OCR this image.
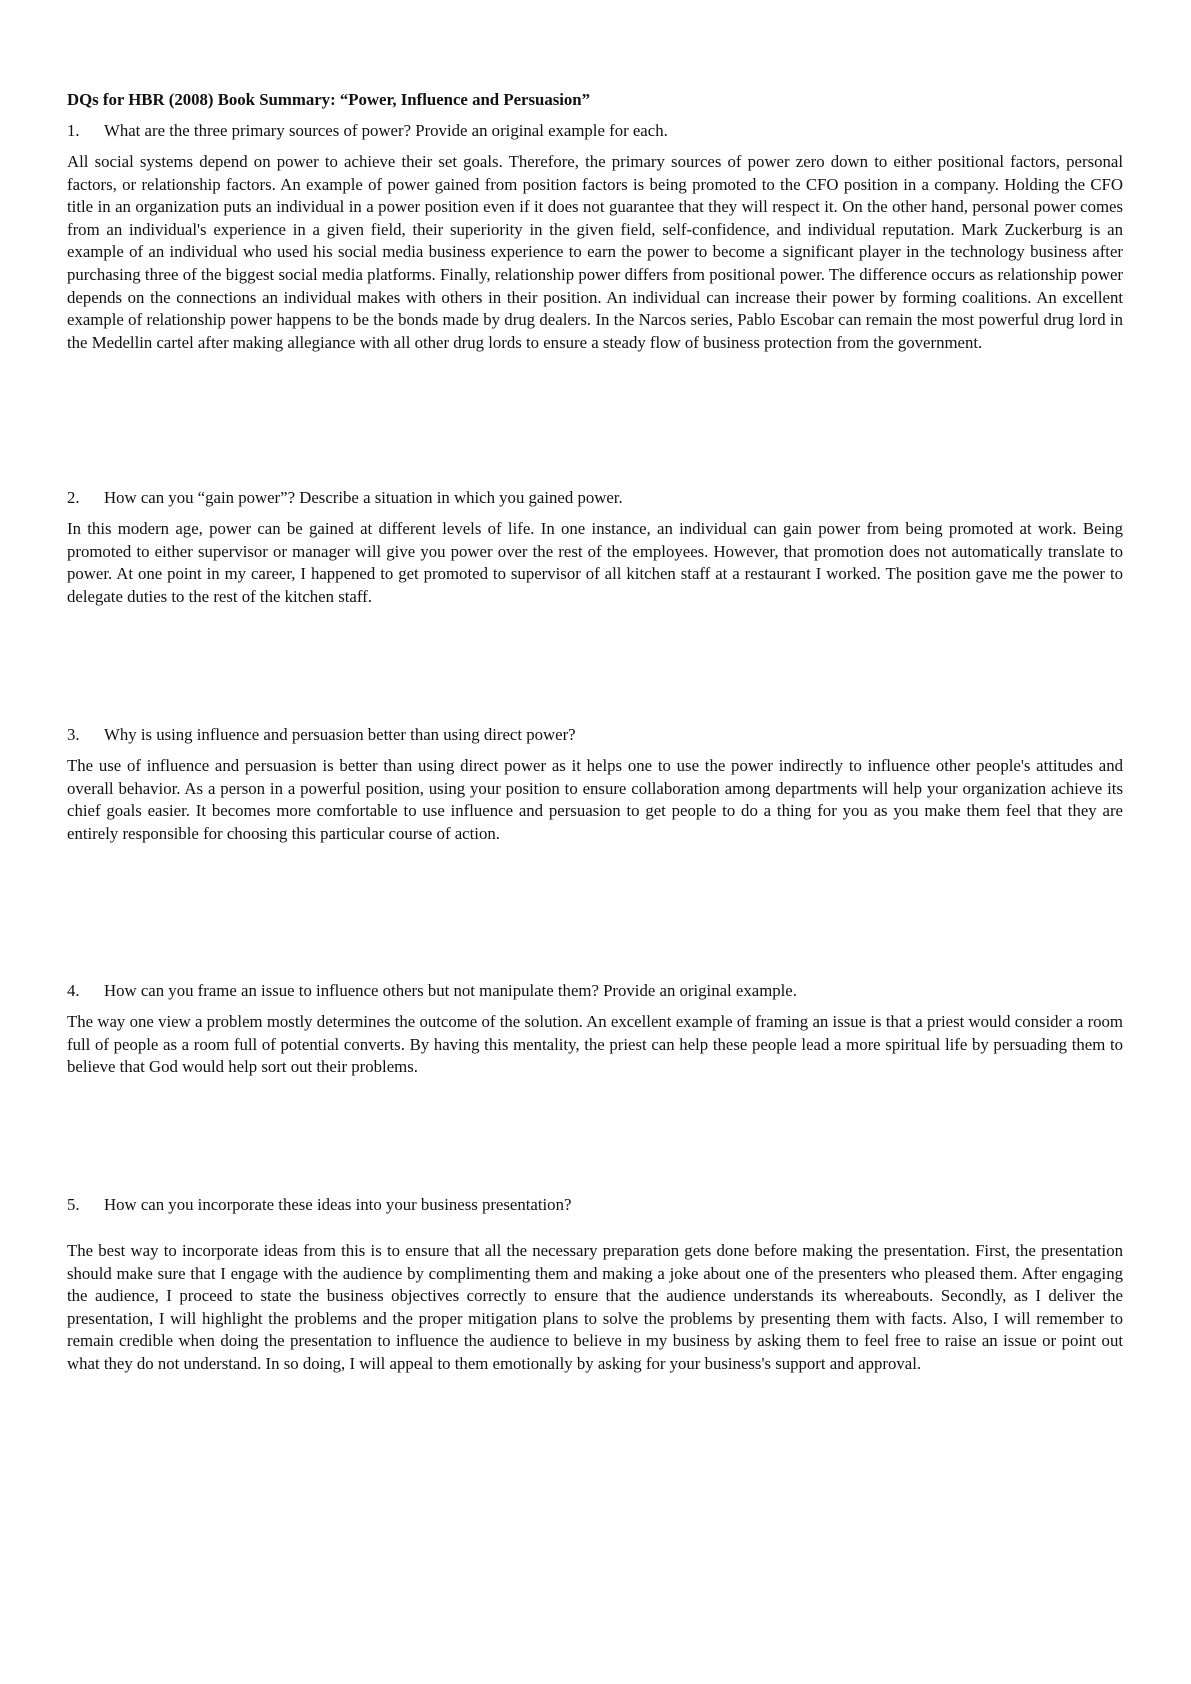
DQs for HBR (2008) Book Summary: “Power, Influence and Persuasion”
1. What are the three primary sources of power? Provide an original example for each.
All social systems depend on power to achieve their set goals. Therefore, the primary sources of power zero down to either positional factors, personal factors, or relationship factors. An example of power gained from position factors is being promoted to the CFO position in a company. Holding the CFO title in an organization puts an individual in a power position even if it does not guarantee that they will respect it. On the other hand, personal power comes from an individual's experience in a given field, their superiority in the given field, self-confidence, and individual reputation. Mark Zuckerburg is an example of an individual who used his social media business experience to earn the power to become a significant player in the technology business after purchasing three of the biggest social media platforms. Finally, relationship power differs from positional power. The difference occurs as relationship power depends on the connections an individual makes with others in their position. An individual can increase their power by forming coalitions. An excellent example of relationship power happens to be the bonds made by drug dealers. In the Narcos series, Pablo Escobar can remain the most powerful drug lord in the Medellin cartel after making allegiance with all other drug lords to ensure a steady flow of business protection from the government.
2. How can you “gain power”? Describe a situation in which you gained power.
In this modern age, power can be gained at different levels of life. In one instance, an individual can gain power from being promoted at work. Being promoted to either supervisor or manager will give you power over the rest of the employees. However, that promotion does not automatically translate to power. At one point in my career, I happened to get promoted to supervisor of all kitchen staff at a restaurant I worked. The position gave me the power to delegate duties to the rest of the kitchen staff.
3. Why is using influence and persuasion better than using direct power?
The use of influence and persuasion is better than using direct power as it helps one to use the power indirectly to influence other people's attitudes and overall behavior. As a person in a powerful position, using your position to ensure collaboration among departments will help your organization achieve its chief goals easier. It becomes more comfortable to use influence and persuasion to get people to do a thing for you as you make them feel that they are entirely responsible for choosing this particular course of action.
4. How can you frame an issue to influence others but not manipulate them? Provide an original example.
The way one view a problem mostly determines the outcome of the solution. An excellent example of framing an issue is that a priest would consider a room full of people as a room full of potential converts. By having this mentality, the priest can help these people lead a more spiritual life by persuading them to believe that God would help sort out their problems.
5. How can you incorporate these ideas into your business presentation?
The best way to incorporate ideas from this is to ensure that all the necessary preparation gets done before making the presentation. First, the presentation should make sure that I engage with the audience by complimenting them and making a joke about one of the presenters who pleased them. After engaging the audience, I proceed to state the business objectives correctly to ensure that the audience understands its whereabouts. Secondly, as I deliver the presentation, I will highlight the problems and the proper mitigation plans to solve the problems by presenting them with facts. Also, I will remember to remain credible when doing the presentation to influence the audience to believe in my business by asking them to feel free to raise an issue or point out what they do not understand. In so doing, I will appeal to them emotionally by asking for your business's support and approval.
